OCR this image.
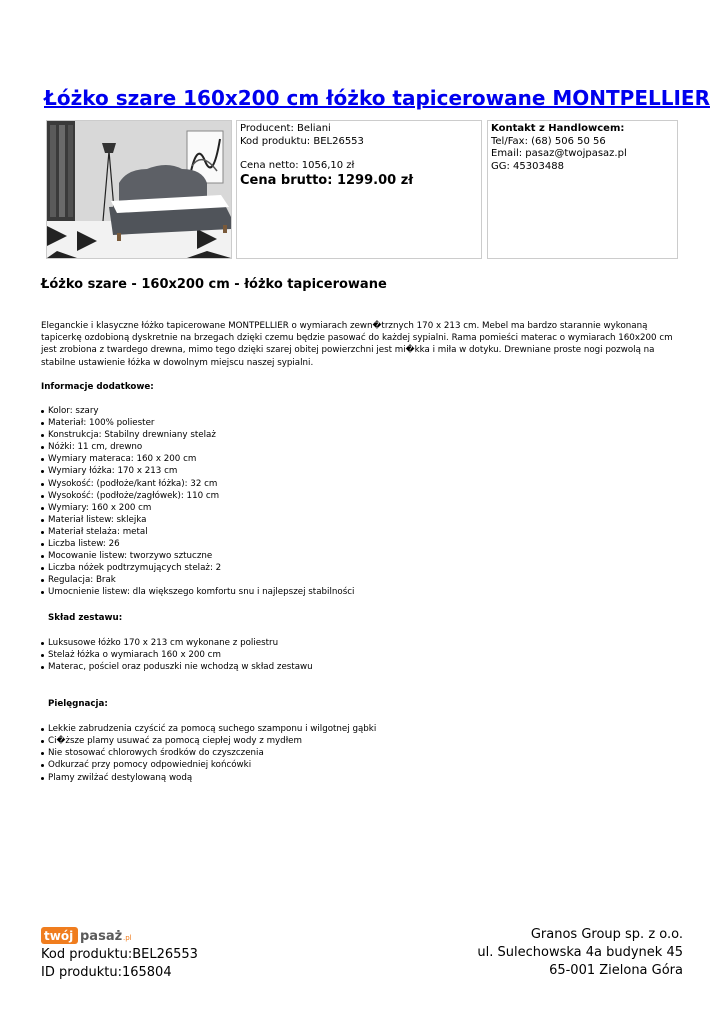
Łóżko szare 160x200 cm łóżko tapicerowane MONTPELLIER
Producent: Beliani
Kod produktu: BEL26553
Cena netto: 1056,10 zł
Cena brutto: 1299.00 zł
Kontakt z Handlowcem:
Tel/Fax: (68) 506 50 56
Email: pasaz@twojpasaz.pl
GG: 45303488
Łóżko szare - 160x200 cm - łóżko tapicerowane

Eleganckie i klasyczne łóżko tapicerowane MONTPELLIER o wymiarach zewn�trznych 170 x 213 cm. Mebel ma bardzo starannie wykonaną tapicerkę ozdobioną dyskretnie na brzegach dzięki czemu będzie pasować do każdej sypialni. Rama pomieści materac o wymiarach 160x200 cm jest zrobiona z twardego drewna, mimo tego dzięki szarej obitej powierzchni jest mi�kka i miła w dotyku. Drewniane proste nogi pozwolą na stabilne ustawienie łóżka w dowolnym miejscu naszej sypialni.

Informacje dodatkowe:

Kolor: szary
Materiał: 100% poliester
Konstrukcja: Stabilny drewniany stelaż
Nóżki: 11 cm, drewno
Wymiary materaca: 160 x 200 cm
Wymiary łóżka: 170 x 213 cm
Wysokość: (podłoże/kant łóżka): 32 cm
Wysokość: (podłoże/zagłówek): 110 cm
Wymiary: 160 x 200 cm
Materiał listew: sklejka
Materiał stelaża: metal
Liczba listew: 26
Mocowanie listew: tworzywo sztuczne
Liczba nóżek podtrzymujących stelaż: 2
Regulacja: Brak
Umocnienie listew: dla większego komfortu snu i najlepszej stabilności

Skład zestawu:

Luksusowe łóżko 170 x 213 cm wykonane z poliestru
Stelaż łóżka o wymiarach 160 x 200 cm
Materac, pościel oraz poduszki nie wchodzą w skład zestawu

Pielęgnacja:

Lekkie zabrudzenia czyścić za pomocą suchego szamponu i wilgotnej gąbki
Ci�ższe plamy usuwać za pomocą ciepłej wody z mydłem
Nie stosować chlorowych środków do czyszczenia
Odkurzać przy pomocy odpowiedniej końcówki
Plamy zwilżać destylowaną wodą
twój pasaż .pl
Kod produktu:BEL26553
ID produktu:165804
Granos Group sp. z o.o.
ul. Sulechowska 4a budynek 45
65-001 Zielona Góra
